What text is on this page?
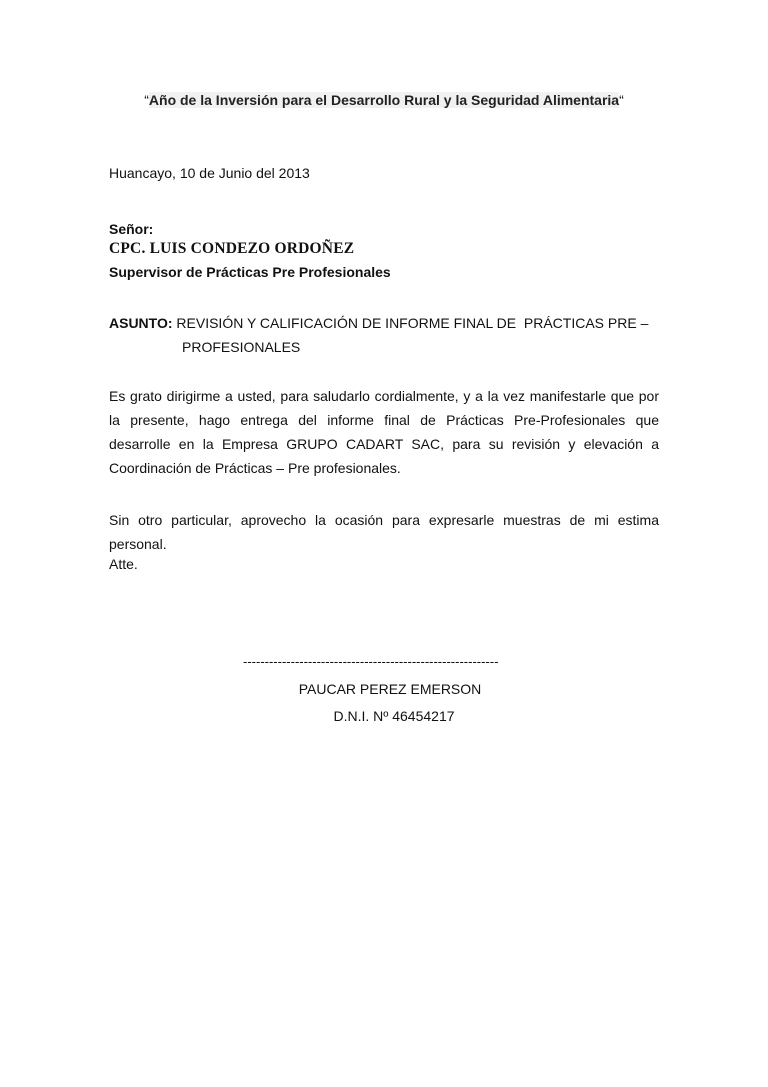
“Año de la Inversión para el Desarrollo Rural y la Seguridad Alimentaria“
Huancayo, 10 de Junio del 2013
Señor:
CPC. LUIS CONDEZO ORDOÑEZ
Supervisor de Prácticas Pre Profesionales
ASUNTO: REVISIÓN Y CALIFICACIÓN DE INFORME FINAL DE  PRÁCTICAS PRE –
PROFESIONALES
Es grato dirigirme a usted, para saludarlo cordialmente, y a la vez manifestarle que por la presente, hago entrega del informe final de Prácticas Pre-Profesionales que desarrolle en la Empresa GRUPO CADART SAC, para su revisión y elevación a Coordinación de Prácticas – Pre profesionales.
Sin otro particular, aprovecho la ocasión para expresarle muestras de mi estima personal.
Atte.
-----------------------------------------------------------
PAUCAR PEREZ EMERSON
D.N.I. Nº 46454217
